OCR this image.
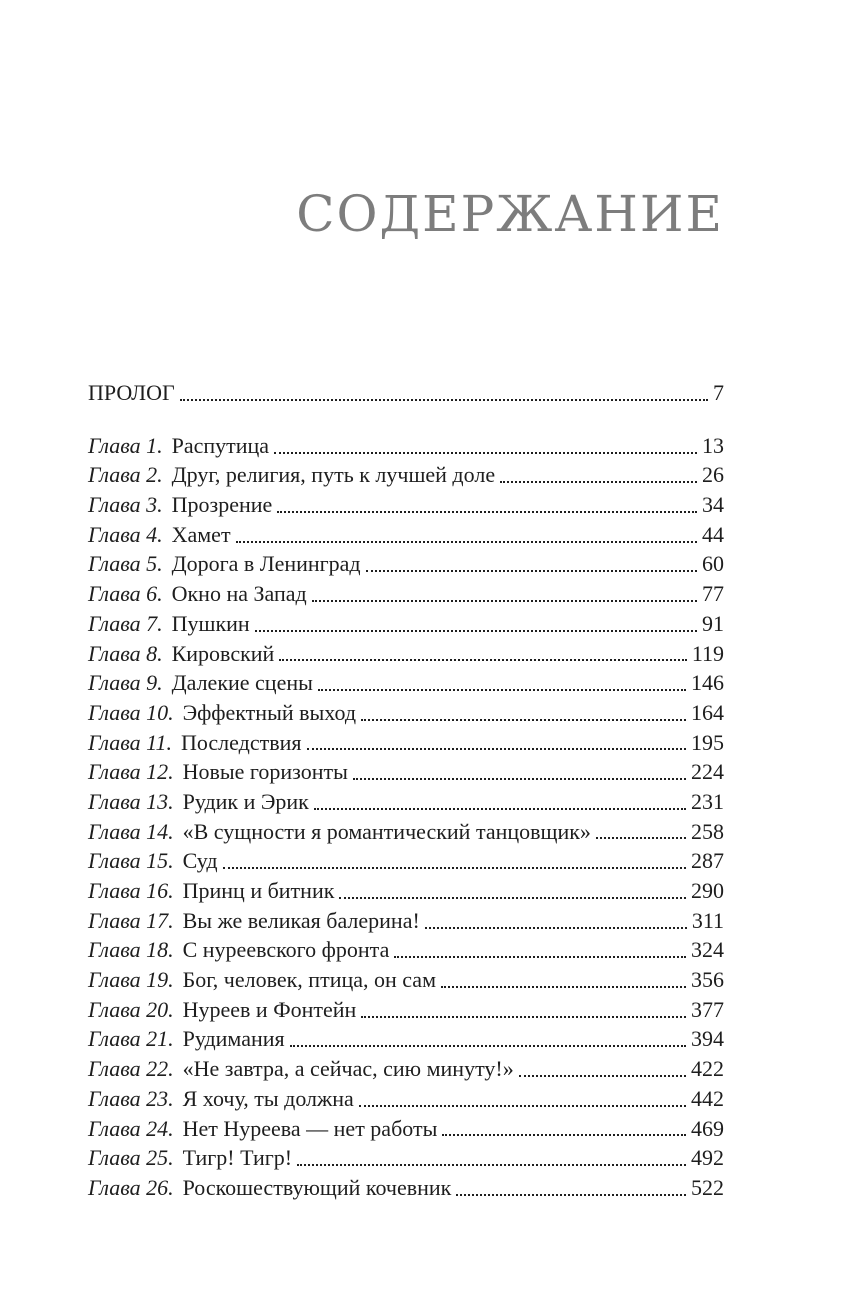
СОДЕРЖАНИЕ
ПРОЛОГ	7
Глава 1. Распутица	13
Глава 2. Друг, религия, путь к лучшей доле	26
Глава 3. Прозрение	34
Глава 4. Хамет	44
Глава 5. Дорога в Ленинград	60
Глава 6. Окно на Запад	77
Глава 7. Пушкин	91
Глава 8. Кировский	119
Глава 9. Далекие сцены	146
Глава 10. Эффектный выход	164
Глава 11. Последствия	195
Глава 12. Новые горизонты	224
Глава 13. Рудик и Эрик	231
Глава 14. «В сущности я романтический танцовщик»	258
Глава 15. Суд	287
Глава 16. Принц и битник	290
Глава 17. Вы же великая балерина!	311
Глава 18. С нуреевского фронта	324
Глава 19. Бог, человек, птица, он сам	356
Глава 20. Нуреев и Фонтейн	377
Глава 21. Рудимания	394
Глава 22. «Не завтра, а сейчас, сию минуту!»	422
Глава 23. Я хочу, ты должна	442
Глава 24. Нет Нуреева — нет работы	469
Глава 25. Тигр! Тигр!	492
Глава 26. Роскошествующий кочевник	522
